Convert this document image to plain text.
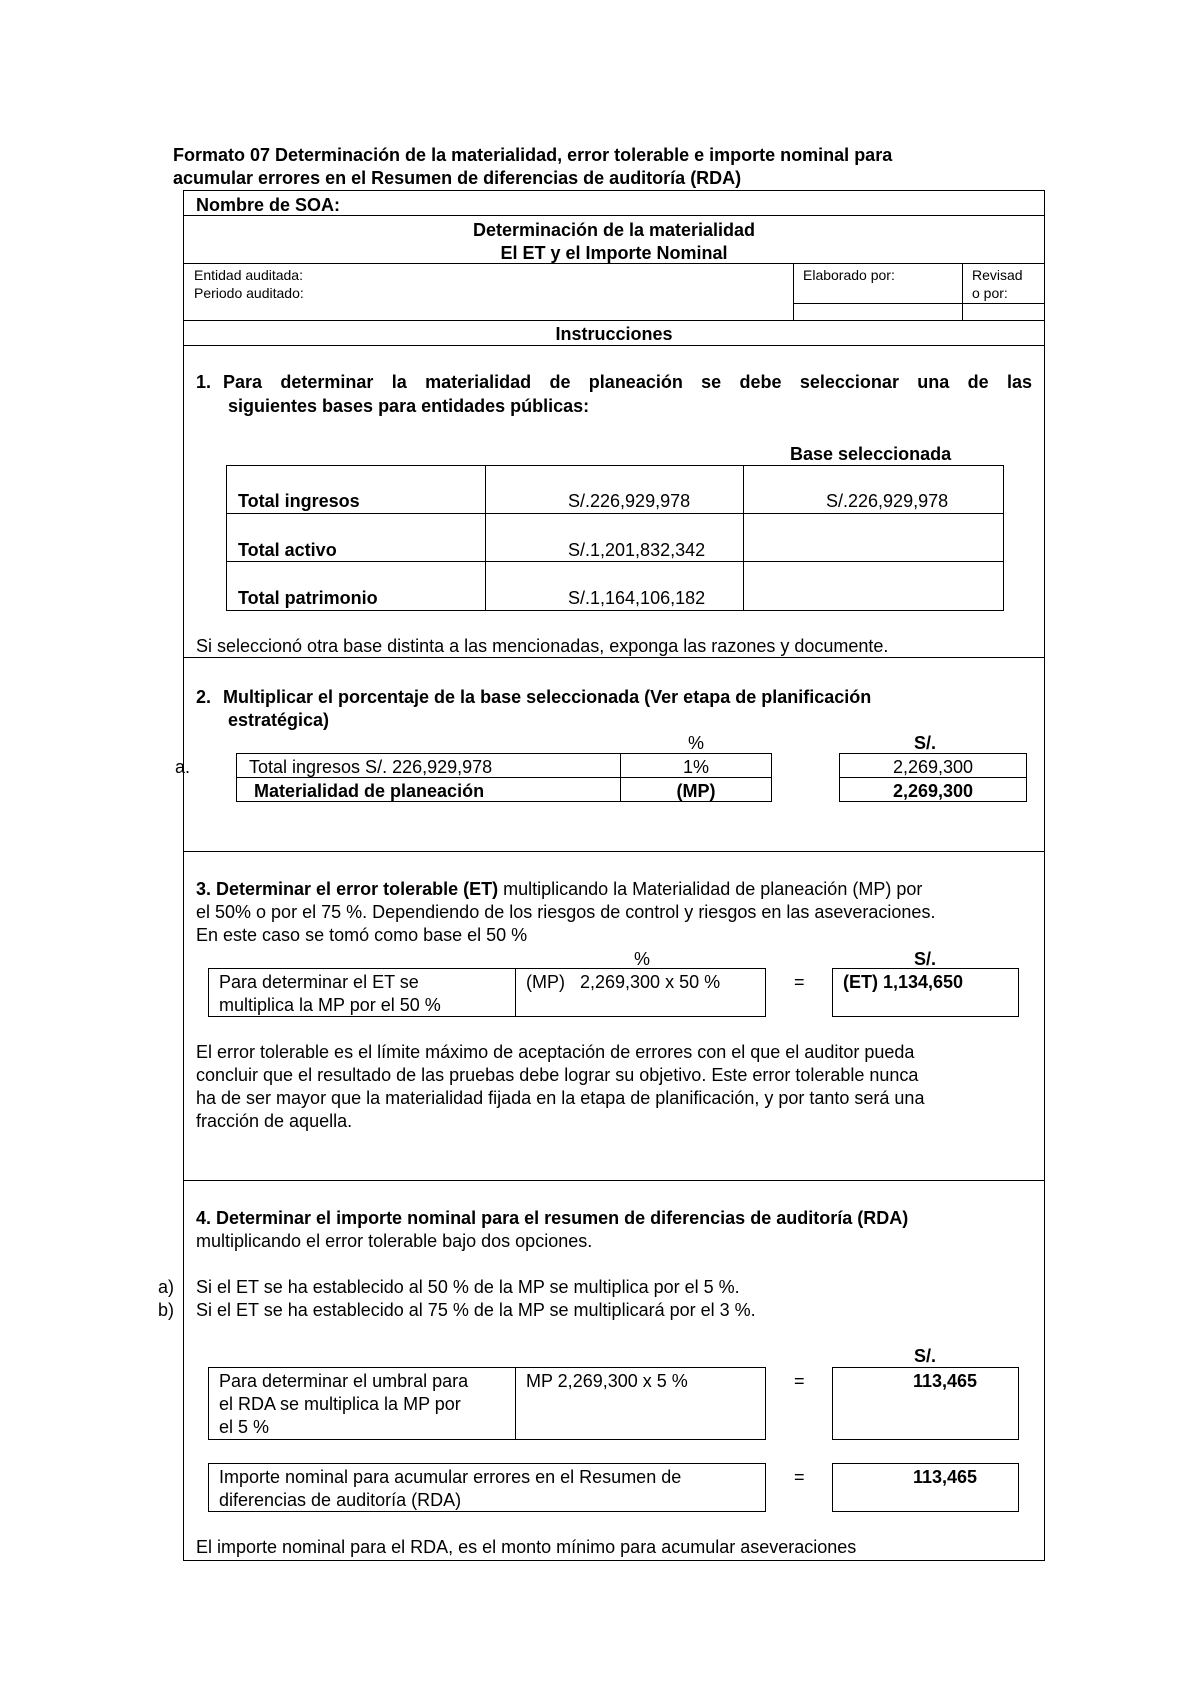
Formato 07 Determinación de la materialidad, error tolerable e importe nominal para
acumular errores en el Resumen de diferencias de auditoría (RDA)
Nombre de SOA:
Determinación de la materialidad
El ET y el Importe Nominal
Entidad auditada:
Periodo auditado:
Elaborado por:	Revisad
o por:
Instrucciones
1. Para determinar la materialidad de planeación se debe seleccionar una de las
siguientes bases para entidades públicas:
Base seleccionada
Total ingresos	S/.226,929,978	S/.226,929,978
Total activo	S/.1,201,832,342
Total patrimonio	S/.1,164,106,182
Si seleccionó otra base distinta a las mencionadas, exponga las razones y documente.
2. Multiplicar el porcentaje de la base seleccionada (Ver etapa de planificación
estratégica)
%	S/.
a.	Total ingresos S/. 226,929,978	1%	2,269,300
Materialidad de planeación	(MP)	2,269,300
3. Determinar el error tolerable (ET) multiplicando la Materialidad de planeación (MP) por
el 50% o por el 75 %. Dependiendo de los riesgos de control y riesgos en las aseveraciones.
En este caso se tomó como base el 50 %
%	S/.
Para determinar el ET se
multiplica la MP por el 50 %
(MP)   2,269,300 x 50 %	= (ET) 1,134,650
El error tolerable es el límite máximo de aceptación de errores con el que el auditor pueda
concluir que el resultado de las pruebas debe lograr su objetivo. Este error tolerable nunca
ha de ser mayor que la materialidad fijada en la etapa de planificación, y por tanto será una
fracción de aquella.
4. Determinar el importe nominal para el resumen de diferencias de auditoría (RDA)
multiplicando el error tolerable bajo dos opciones.
a) Si el ET se ha establecido al 50 % de la MP se multiplica por el 5 %.
b) Si el ET se ha establecido al 75 % de la MP se multiplicará por el 3 %.
S/.
Para determinar el umbral para
el RDA se multiplica la MP por
el 5 %
MP 2,269,300 x 5 %	=	113,465
Importe nominal para acumular errores en el Resumen de
diferencias de auditoría (RDA)
=	113,465
El importe nominal para el RDA, es el monto mínimo para acumular aseveraciones
